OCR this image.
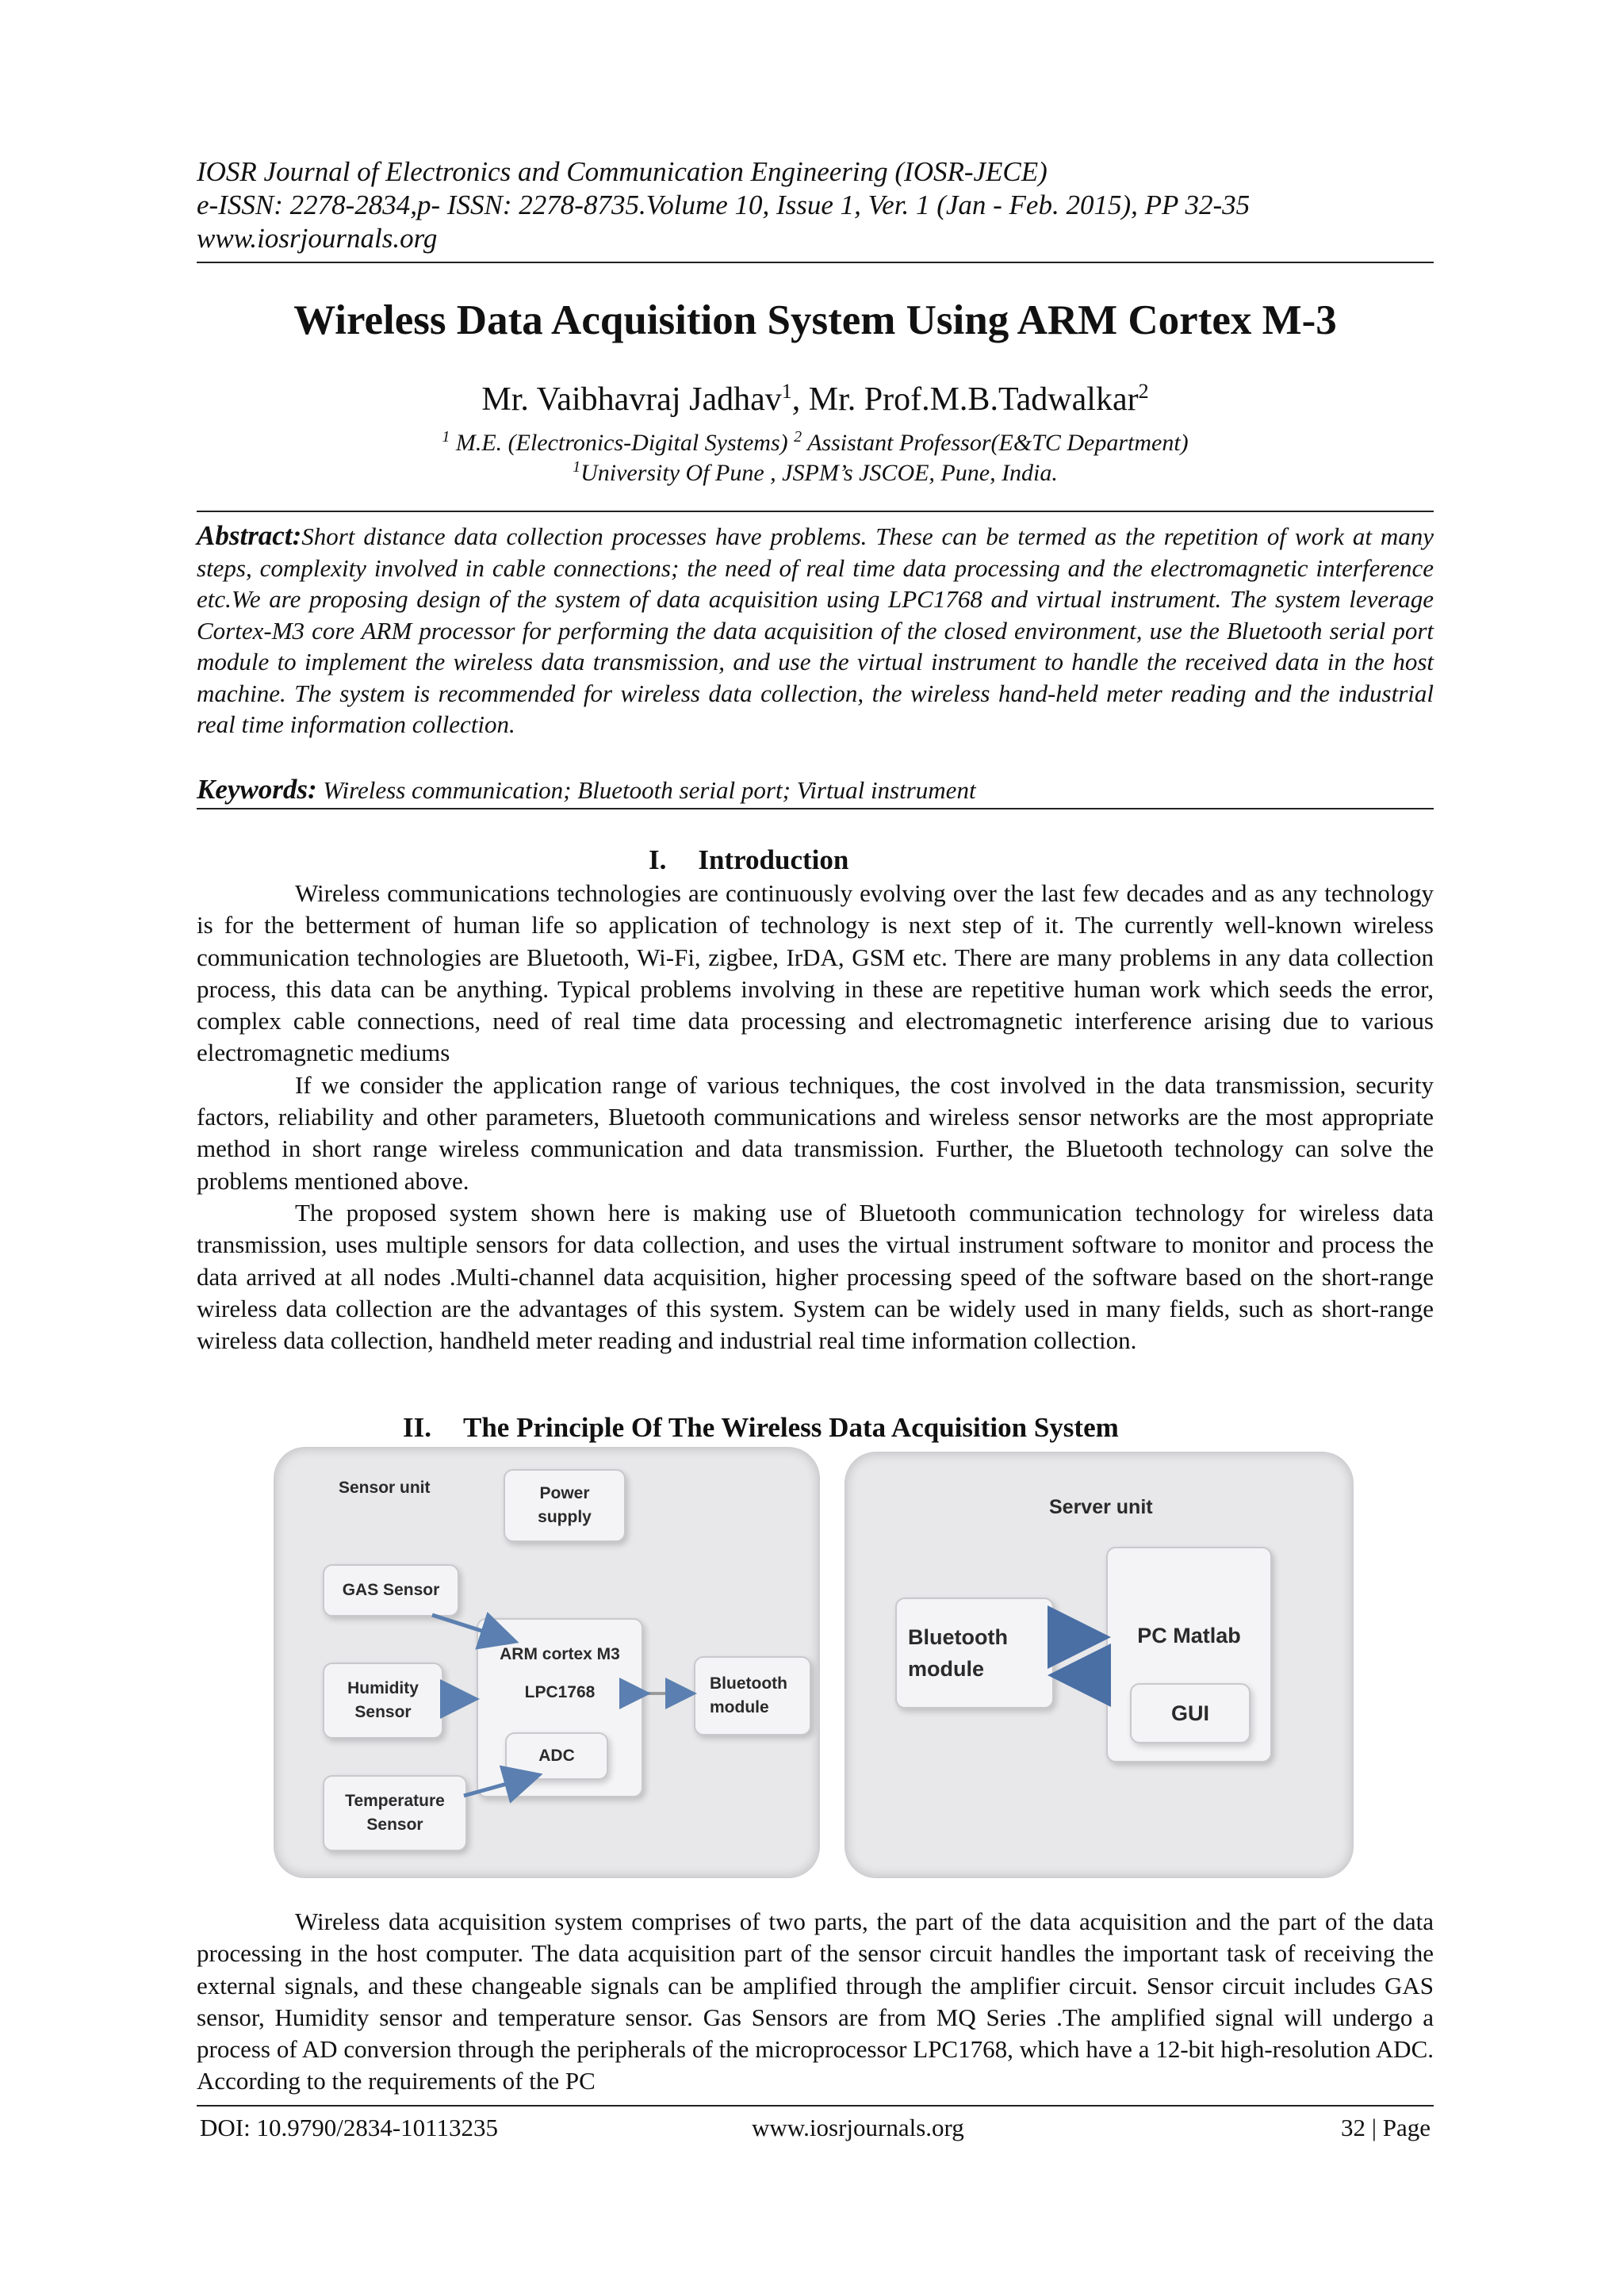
IOSR Journal of Electronics and Communication Engineering (IOSR-JECE)
e-ISSN: 2278-2834,p- ISSN: 2278-8735.Volume 10, Issue 1, Ver. 1 (Jan - Feb. 2015), PP 32-35
www.iosrjournals.org
Wireless Data Acquisition System Using ARM Cortex M-3
Mr. Vaibhavraj Jadhav$^1$, Mr. Prof.M.B.Tadwalkar$^2$
$^1$ M.E. (Electronics-Digital Systems) $^2$ Assistant Professor(E&TC Department)
$^1$University Of Pune , JSPM’s JSCOE, Pune, India.
Abstract:Short distance data collection processes have problems. These can be termed as the repetition of work at many steps, complexity involved in cable connections; the need of real time data processing and the electromagnetic interference etc.We are proposing design of the system of data acquisition using LPC1768 and virtual instrument. The system leverage Cortex-M3 core ARM processor for performing the data acquisition of the closed environment, use the Bluetooth serial port module to implement the wireless data transmission, and use the virtual instrument to handle the received data in the host machine. The system is recommended for wireless data collection, the wireless hand-held meter reading and the industrial real time information collection.
Keywords: Wireless communication; Bluetooth serial port; Virtual instrument
I. Introduction

Wireless communications technologies are continuously evolving over the last few decades and as any technology is for the betterment of human life so application of technology is next step of it. The currently well-known wireless communication technologies are Bluetooth, Wi-Fi, zigbee, IrDA, GSM etc. There are many problems in any data collection process, this data can be anything. Typical problems involving in these are repetitive human work which seeds the error, complex cable connections, need of real time data processing and electromagnetic interference arising due to various electromagnetic mediums

If we consider the application range of various techniques, the cost involved in the data transmission, security factors, reliability and other parameters, Bluetooth communications and wireless sensor networks are the most appropriate method in short range wireless communication and data transmission. Further, the Bluetooth technology can solve the problems mentioned above.

The proposed system shown here is making use of Bluetooth communication technology for wireless data transmission, uses multiple sensors for data collection, and uses the virtual instrument software to monitor and process the data arrived at all nodes .Multi-channel data acquisition, higher processing speed of the software based on the short-range wireless data collection are the advantages of this system. System can be widely used in many fields, such as short-range wireless data collection, handheld meter reading and industrial real time information collection.

II. The Principle Of The Wireless Data Acquisition System
Sensor unit	Power
supply
GAS Sensor
Humidity
Sensor
Temperature
Sensor
ARM cortex M3
LPC1768
ADC
Bluetooth
module
Server unit
Bluetooth
module
PC Matlab
GUI

Wireless data acquisition system comprises of two parts, the part of the data acquisition and the part of the data processing in the host computer. The data acquisition part of the sensor circuit handles the important task of receiving the external signals, and these changeable signals can be amplified through the amplifier circuit. Sensor circuit includes GAS sensor, Humidity sensor and temperature sensor. Gas Sensors are from MQ Series .The amplified signal will undergo a process of AD conversion through the peripherals of the microprocessor LPC1768, which have a 12-bit high-resolution ADC. According to the requirements of the PC

DOI: 10.9790/2834-10113235	www.iosrjournals.org	32 | Page
